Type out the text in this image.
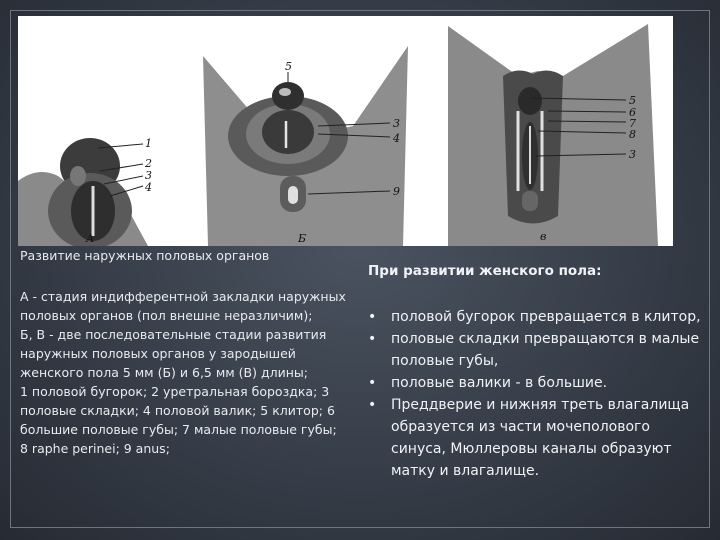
1
2
3
4
5
3
4
9
5
6
7
8
3
А	Б	в
Развитие наружных половых органов
А - стадия индифферентной закладки наружных
половых органов (пол внешне неразличим);
Б, В - две последовательные стадии развития
наружных половых органов у зародышей
женского пола 5 мм (Б) и 6,5 мм (В) длины;
1 половой бугорок; 2 уретральная бороздка; 3
половые складки; 4 половой валик; 5 клитор; 6
большие половые губы; 7 малые половые губы;
8 raphe perinei; 9 anus;
При развитии женского пола:
• половой бугорок превращается в клитор,
• половые складки превращаются в малые
половые губы,
• половые валики - в большие.
• Преддверие и нижняя треть влагалища
образуется из части мочеполового
синуса, Мюллеровы каналы образуют
матку и влагалище.
